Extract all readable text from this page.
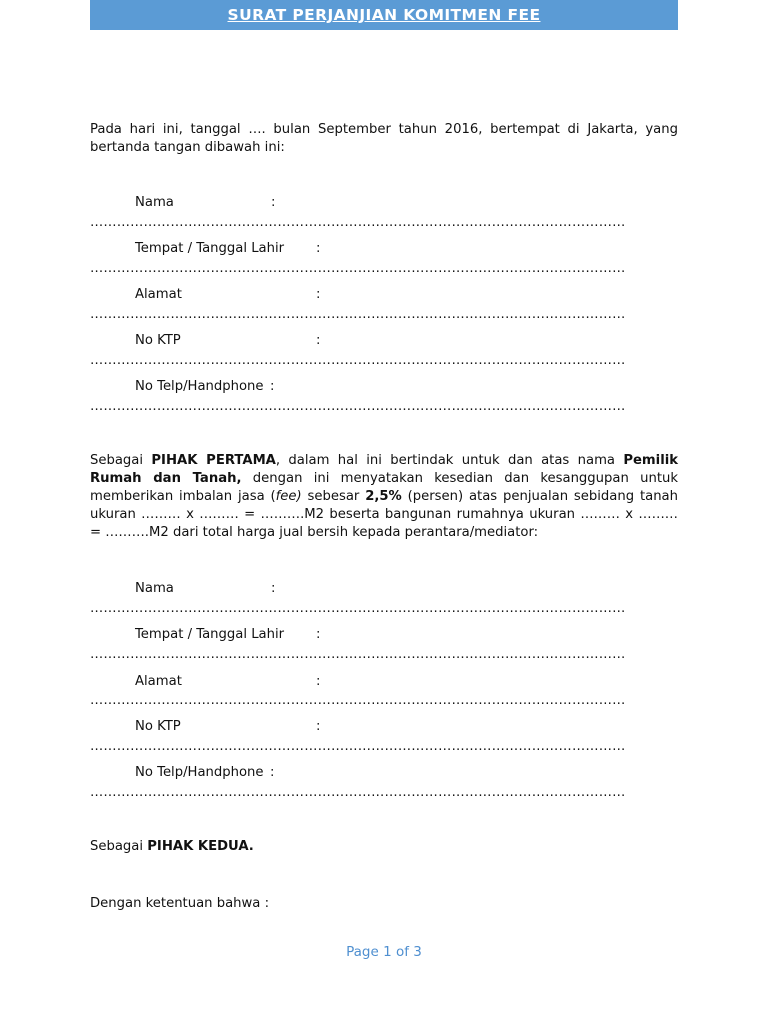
SURAT PERJANJIAN KOMITMEN FEE
Pada hari ini, tanggal …. bulan September tahun 2016, bertempat di Jakarta, yang bertanda tangan dibawah ini:
Nama	:
…………………………………………………………………………………………………………
Tempat / Tanggal Lahir :
…………………………………………………………………………………………………………
Alamat	:
…………………………………………………………………………………………………………
No KTP	:
…………………………………………………………………………………………………………
No Telp/Handphone :
…………………………………………………………………………………………………………
Sebagai PIHAK PERTAMA, dalam hal ini bertindak untuk dan atas nama Pemilik Rumah dan Tanah, dengan ini menyatakan kesedian dan kesanggupan untuk memberikan imbalan jasa (fee) sebesar 2,5% (persen) atas penjualan sebidang tanah ukuran ……… x ……… = ……….M2 beserta bangunan rumahnya ukuran ……… x ……… = ……….M2 dari total harga jual bersih kepada perantara/mediator:
Nama	:
…………………………………………………………………………………………………………
Tempat / Tanggal Lahir :
…………………………………………………………………………………………………………
Alamat	:
…………………………………………………………………………………………………………
No KTP	:
…………………………………………………………………………………………………………
No Telp/Handphone :
…………………………………………………………………………………………………………
Sebagai PIHAK KEDUA.
Dengan ketentuan bahwa :
Page 1 of 3
